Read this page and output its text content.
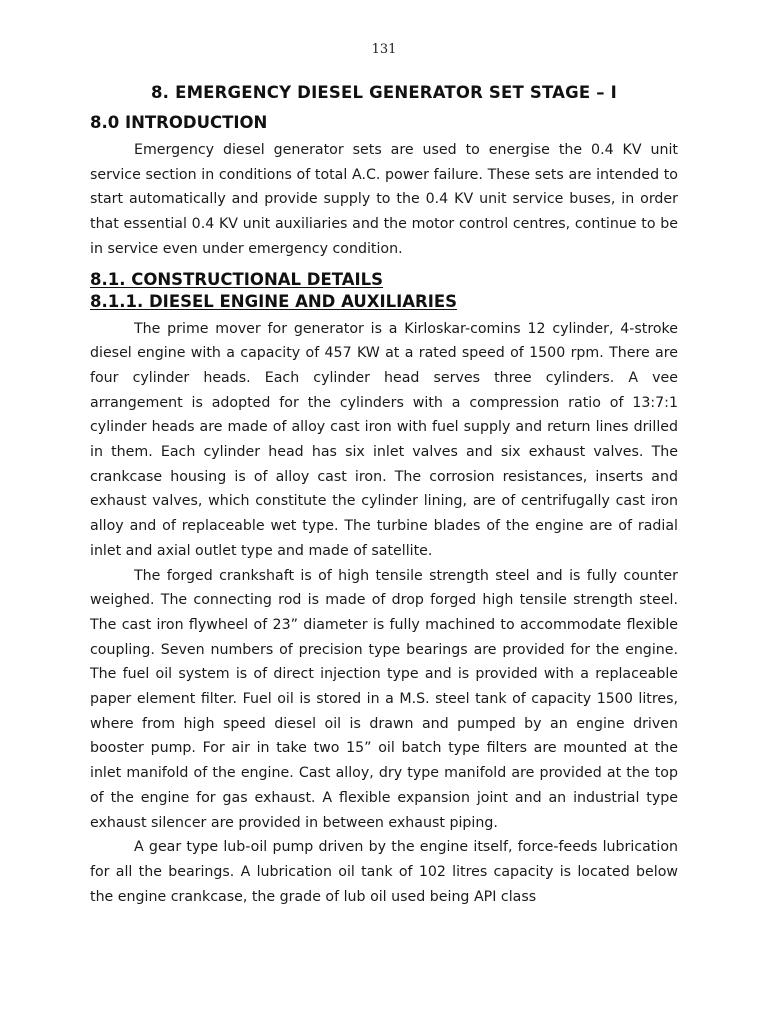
131
8. EMERGENCY DIESEL GENERATOR SET STAGE – I
8.0 INTRODUCTION

Emergency diesel generator sets are used to energise the 0.4 KV unit service section in conditions of total A.C. power failure. These sets are intended to start automatically and provide supply to the 0.4 KV unit service buses, in order that essential 0.4 KV unit auxiliaries and the motor control centres, continue to be in service even under emergency condition.

8.1. CONSTRUCTIONAL DETAILS
8.1.1. DIESEL ENGINE AND AUXILIARIES

The prime mover for generator is a Kirloskar-comins 12 cylinder, 4-stroke diesel engine with a capacity of 457 KW at a rated speed of 1500 rpm. There are four cylinder heads. Each cylinder head serves three cylinders. A vee arrangement is adopted for the cylinders with a compression ratio of 13:7:1 cylinder heads are made of alloy cast iron with fuel supply and return lines drilled in them. Each cylinder head has six inlet valves and six exhaust valves. The crankcase housing is of alloy cast iron. The corrosion resistances, inserts and exhaust valves, which constitute the cylinder lining, are of centrifugally cast iron alloy and of replaceable wet type. The turbine blades of the engine are of radial inlet and axial outlet type and made of satellite.

The forged crankshaft is of high tensile strength steel and is fully counter weighed. The connecting rod is made of drop forged high tensile strength steel. The cast iron flywheel of 23” diameter is fully machined to accommodate flexible coupling. Seven numbers of precision type bearings are provided for the engine. The fuel oil system is of direct injection type and is provided with a replaceable paper element filter. Fuel oil is stored in a M.S. steel tank of capacity 1500 litres, where from high speed diesel oil is drawn and pumped by an engine driven booster pump. For air in take two 15” oil batch type filters are mounted at the inlet manifold of the engine. Cast alloy, dry type manifold are provided at the top of the engine for gas exhaust. A flexible expansion joint and an industrial type exhaust silencer are provided in between exhaust piping.

A gear type lub-oil pump driven by the engine itself, force-feeds lubrication for all the bearings. A lubrication oil tank of 102 litres capacity is located below the engine crankcase, the grade of lub oil used being API class
